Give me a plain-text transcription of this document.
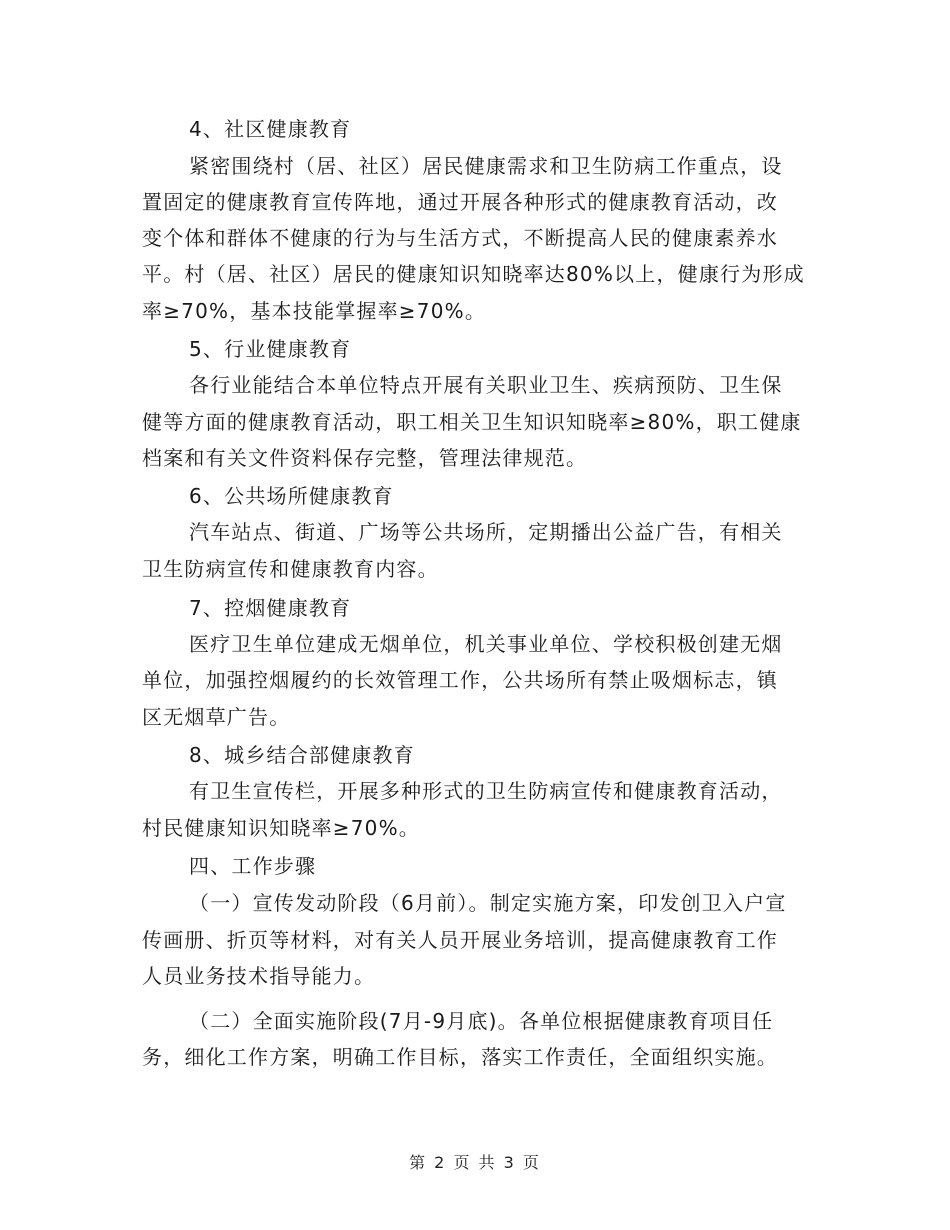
4、社区健康教育
紧密围绕村（居、社区）居民健康需求和卫生防病工作重点，设
置固定的健康教育宣传阵地，通过开展各种形式的健康教育活动，改
变个体和群体不健康的行为与生活方式，不断提高人民的健康素养水
平。村（居、社区）居民的健康知识知晓率达80%以上，健康行为形成
率≥70%，基本技能掌握率≥70%。
5、行业健康教育
各行业能结合本单位特点开展有关职业卫生、疾病预防、卫生保
健等方面的健康教育活动，职工相关卫生知识知晓率≥80%，职工健康
档案和有关文件资料保存完整，管理法律规范。
6、公共场所健康教育
汽车站点、街道、广场等公共场所，定期播出公益广告，有相关
卫生防病宣传和健康教育内容。
7、控烟健康教育
医疗卫生单位建成无烟单位，机关事业单位、学校积极创建无烟
单位，加强控烟履约的长效管理工作，公共场所有禁止吸烟标志，镇
区无烟草广告。
8、城乡结合部健康教育
有卫生宣传栏，开展多种形式的卫生防病宣传和健康教育活动，
村民健康知识知晓率≥70%。
四、工作步骤
（一）宣传发动阶段（6月前）。制定实施方案，印发创卫入户宣
传画册、折页等材料，对有关人员开展业务培训，提高健康教育工作
人员业务技术指导能力。
（二）全面实施阶段(7月-9月底)。各单位根据健康教育项目任
务，细化工作方案，明确工作目标，落实工作责任，全面组织实施。
第 2 页 共 3 页
